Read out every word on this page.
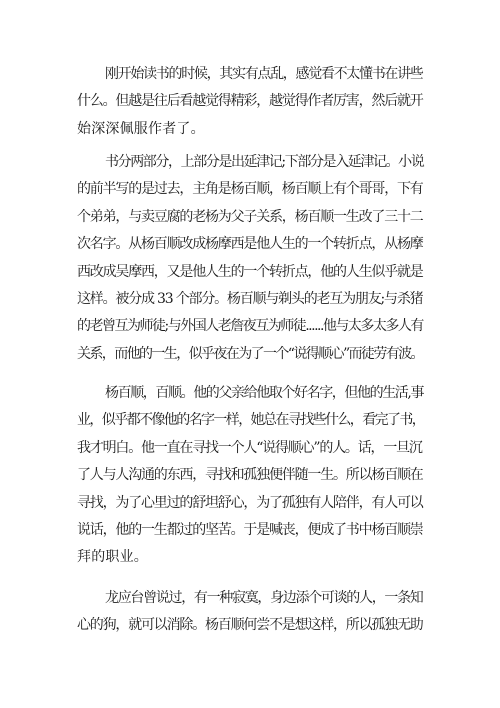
刚开始读书的时候，其实有点乱，感觉看不太懂书在讲些
什么。但越是往后看越觉得精彩，越觉得作者厉害，然后就开
始深深佩服作者了。

书分两部分，上部分是出延津记;下部分是入延津记。小说
的前半写的是过去，主角是杨百顺，杨百顺上有个哥哥，下有
个弟弟，与卖豆腐的老杨为父子关系，杨百顺一生改了三十二
次名字。从杨百顺改成杨摩西是他人生的一个转折点，从杨摩
西改成吴摩西，又是他人生的一个转折点，他的人生似乎就是
这样。被分成 33 个部分。杨百顺与剃头的老互为朋友;与杀猪
的老曾互为师徒;与外国人老詹夜互为师徒......他与太多太多人有
关系，而他的一生，似乎夜在为了一个“说得顺心”而徒劳有波。

杨百顺，百顺。他的父亲给他取个好名字，但他的生活,事
业，似乎都不像他的名字一样，她总在寻找些什么，看完了书，
我才明白。他一直在寻找一个人“说得顺心”的人。话，一旦沉
了人与人沟通的东西，寻找和孤独便伴随一生。所以杨百顺在
寻找，为了心里过的舒坦舒心，为了孤独有人陪伴，有人可以
说话，他的一生都过的坚苦。于是喊丧，便成了书中杨百顺崇
拜的职业。

龙应台曾说过，有一种寂寞，身边添个可谈的人，一条知
心的狗，就可以消除。杨百顺何尝不是想这样，所以孤独无助
